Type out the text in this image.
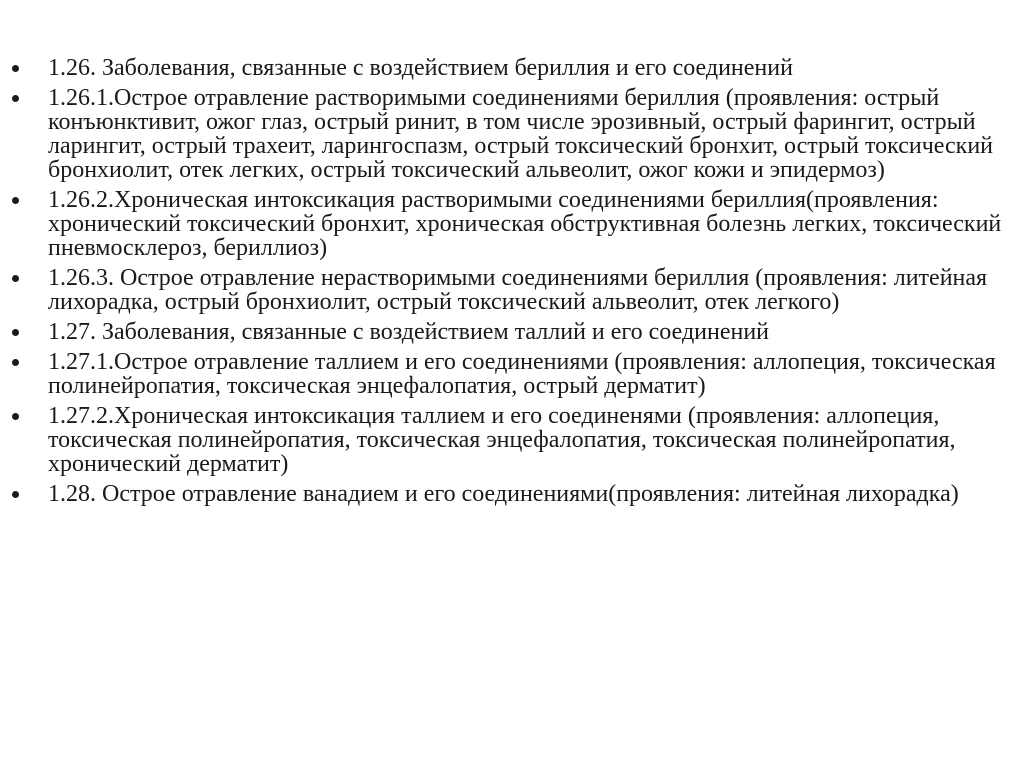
1.26. Заболевания, связанные с воздействием бериллия и его соединений
1.26.1.Острое отравление растворимыми соединениями бериллия (проявления: острый конъюнктивит, ожог глаз, острый ринит, в том числе эрозивный, острый фарингит, острый ларингит, острый трахеит, ларингоспазм, острый токсический бронхит, острый токсический бронхиолит, отек легких, острый токсический альвеолит, ожог кожи и эпидермоз)
1.26.2.Хроническая интоксикация растворимыми соединениями бериллия(проявления: хронический токсический бронхит, хроническая обструктивная болезнь легких, токсический пневмосклероз, бериллиоз)
1.26.3. Острое отравление нерастворимыми соединениями бериллия (проявления: литейная лихорадка, острый бронхиолит, острый токсический альвеолит, отек легкого)
1.27. Заболевания, связанные с воздействием таллий и его соединений
1.27.1.Острое отравление таллием и его соединениями (проявления: аллопеция, токсическая полинейропатия, токсическая энцефалопатия, острый дерматит)
1.27.2.Хроническая интоксикация таллием и его соединенями (проявления: аллопеция, токсическая полинейропатия, токсическая энцефалопатия, токсическая полинейропатия, хронический дерматит)
1.28. Острое отравление ванадием и его соединениями(проявления: литейная лихорадка)
